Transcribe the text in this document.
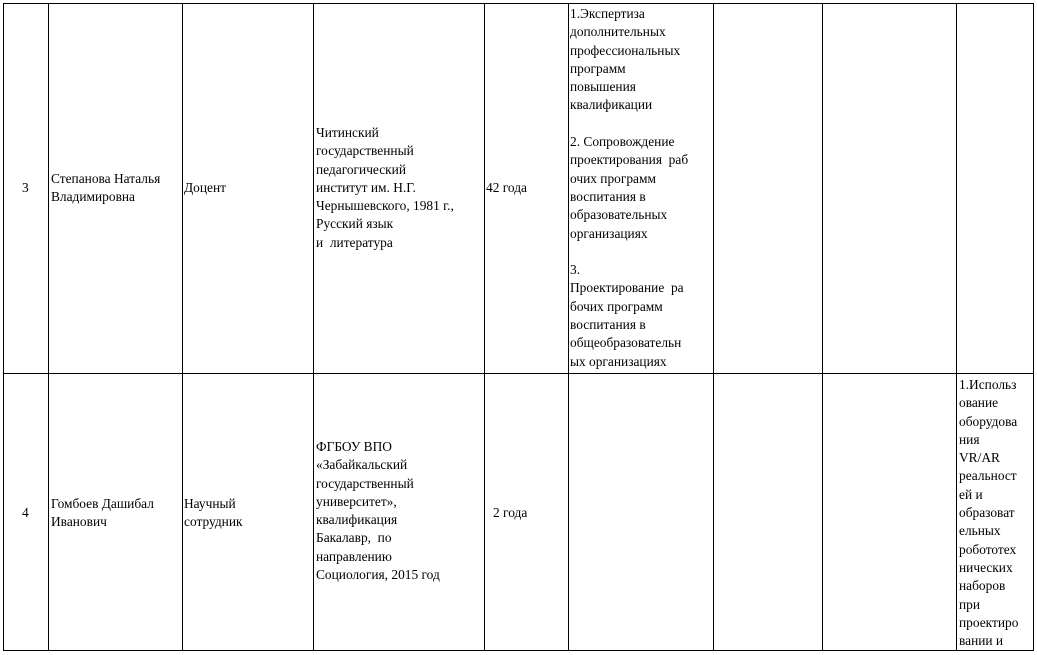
3
Степанова Наталья
Владимировна
Доцент
Читинский
государственный
педагогический
институт им. Н.Г.
Чернышевского, 1981 г.,
Русский язык
и  литература
42 года
1.Экспертиза
дополнительных
профессиональных
программ
повышения
квалификации

2. Сопровождение
проектирования  раб
очих программ
воспитания в
образовательных
организациях

3.
Проектирование  ра
бочих программ
воспитания в
общеобразовательн
ых организациях
4
Гомбоев Дашибал
Иванович
Научный
сотрудник
ФГБОУ ВПО
«Забайкальский
государственный
университет»,
квалификация
Бакалавр,  по
направлению
Социология, 2015 год
2 года
1.Использ
ование
оборудова
ния
VR/AR
реальност
ей и
образоват
ельных
робототех
нических
наборов
при
проектиро
вании и
